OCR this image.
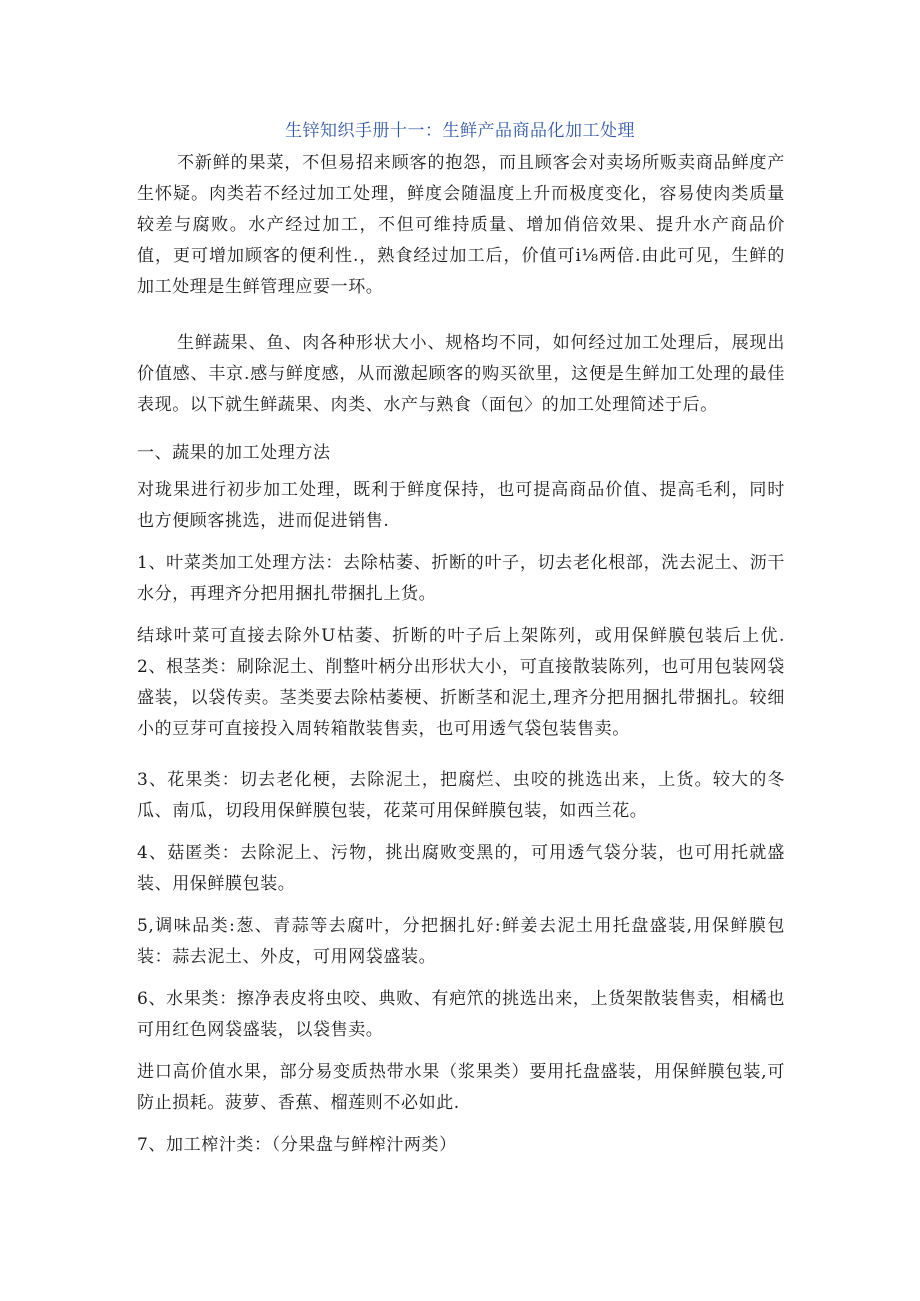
生锌知织手册十一：生鲜产品商品化加工处理

不新鲜的果菜，不但易招来顾客的抱怨，而且顾客会对卖场所贩卖商品鲜度产生怀疑。肉类若不经过加工处理，鲜度会随温度上升而极度变化，容易使肉类质量较差与腐败。水产经过加工，不但可维持质量、增加俏倍效果、提升水产商品价值，更可增加顾客的便利性.，熟食经过加工后，价值可i⅛两倍.由此可见，生鲜的加工处理是生鲜管理应要一环。

生鲜蔬果、鱼、肉各种形状大小、规格均不同，如何经过加工处理后，展现出价值感、丰京.感与鲜度感，从而激起顾客的购买欲里，这便是生鲜加工处理的最佳表现。以下就生鲜蔬果、肉类、水产与熟食（面包〉的加工处理简述于后。

一、蔬果的加工处理方法

对珑果进行初步加工处理，既利于鲜度保持，也可提高商品价值、提高毛利，同时也方便顾客挑选，进而促进销售.

1、叶菜类加工处理方法：去除枯萎、折断的叶子，切去老化根部，洗去泥土、沥干水分，再理齐分把用捆扎带捆扎上货。

结球叶菜可直接去除外U枯萎、折断的叶子后上架陈列，或用保鲜膜包装后上优. 2、根茎类：刷除泥土、削整叶柄分出形状大小，可直接散装陈列，也可用包装网袋盛装，以袋传卖。茎类要去除枯萎梗、折断茎和泥土,理齐分把用捆扎带捆扎。较细小的豆芽可直接投入周转箱散装售卖，也可用透气袋包装售卖。

3、花果类：切去老化梗，去除泥土，把腐烂、虫咬的挑选出来，上货。较大的冬瓜、南瓜，切段用保鲜膜包装，花菜可用保鲜膜包装，如西兰花。

4、菇匿类：去除泥上、污物，挑出腐败变黑的，可用透气袋分装，也可用托就盛装、用保鲜膜包装。

5,调味品类:葱、青蒜等去腐叶，分把捆扎好:鲜姜去泥土用托盘盛装,用保鲜膜包装：蒜去泥土、外皮，可用网袋盛装。

6、水果类：擦净表皮将虫咬、典败、有疤笊的挑选出来，上货架散装售卖，相橘也可用红色网袋盛装，以袋售卖。

进口高价值水果，部分易变质热带水果（浆果类）要用托盘盛装，用保鲜膜包装,可防止损耗。菠萝、香蕉、榴莲则不必如此.

7、加工榨汁类：（分果盘与鲜榨汁两类）
